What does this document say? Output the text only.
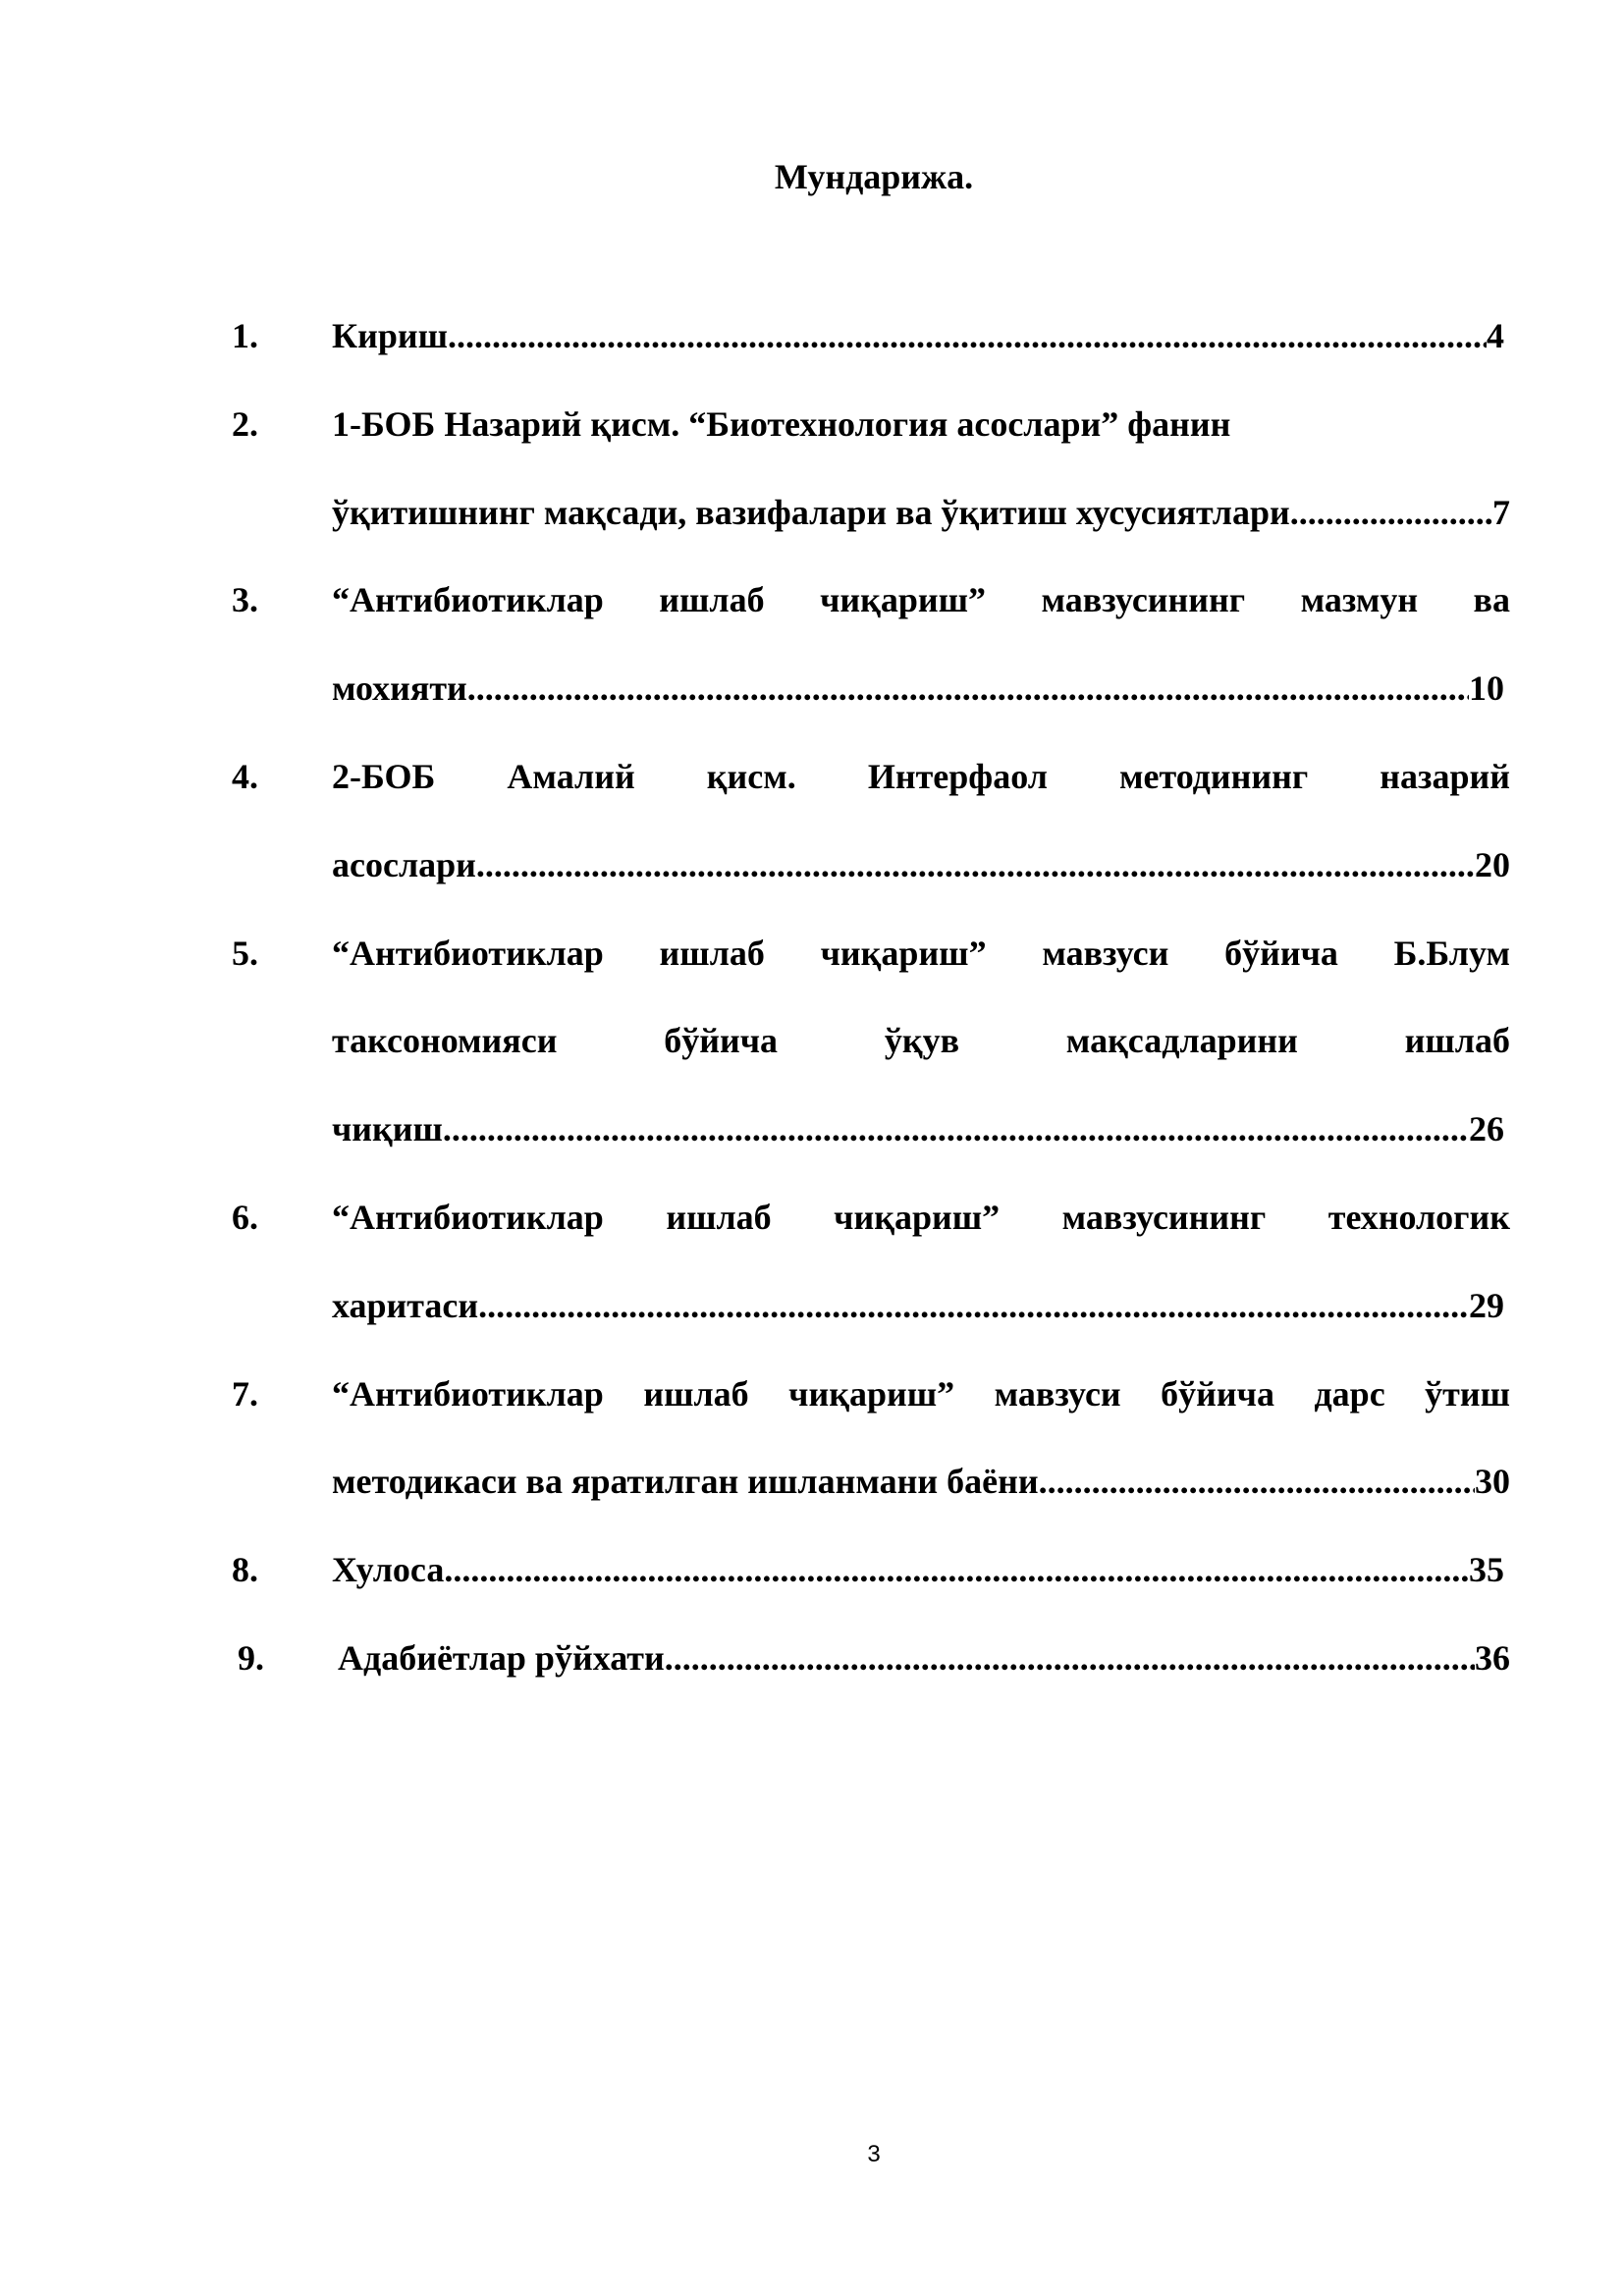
Мундарижа.
1.	Кириш .....	4
2.	1-БОБ Назарий қисм. “Биотехнология асослари” фанин
ўқитишнинг мақсади, вазифалари ва ўқитиш хусусиятлари .....	7
3.	“Антибиотиклар ишлаб чиқариш” мавзусининг мазмун ва
мохияти .....	10
4.	2-БОБ Амалий қисм. Интерфаол методининг назарий
асослари .....	20
5.	“Антибиотиклар ишлаб чиқариш” мавзуси бўйича Б.Блум
таксономияси бўйича ўқув мақсадларини ишлаб
чиқиш .....	26
6.	“Антибиотиклар ишлаб чиқариш” мавзусининг технологик
харитаси .....	29
7.	“Антибиотиклар ишлаб чиқариш” мавзуси бўйича дарс ўтиш
методикаси ва яратилган ишланмани баёни .....	30
8.	Хулоса .....	35
9.	Адабиётлар рўйхати .....	36
3
